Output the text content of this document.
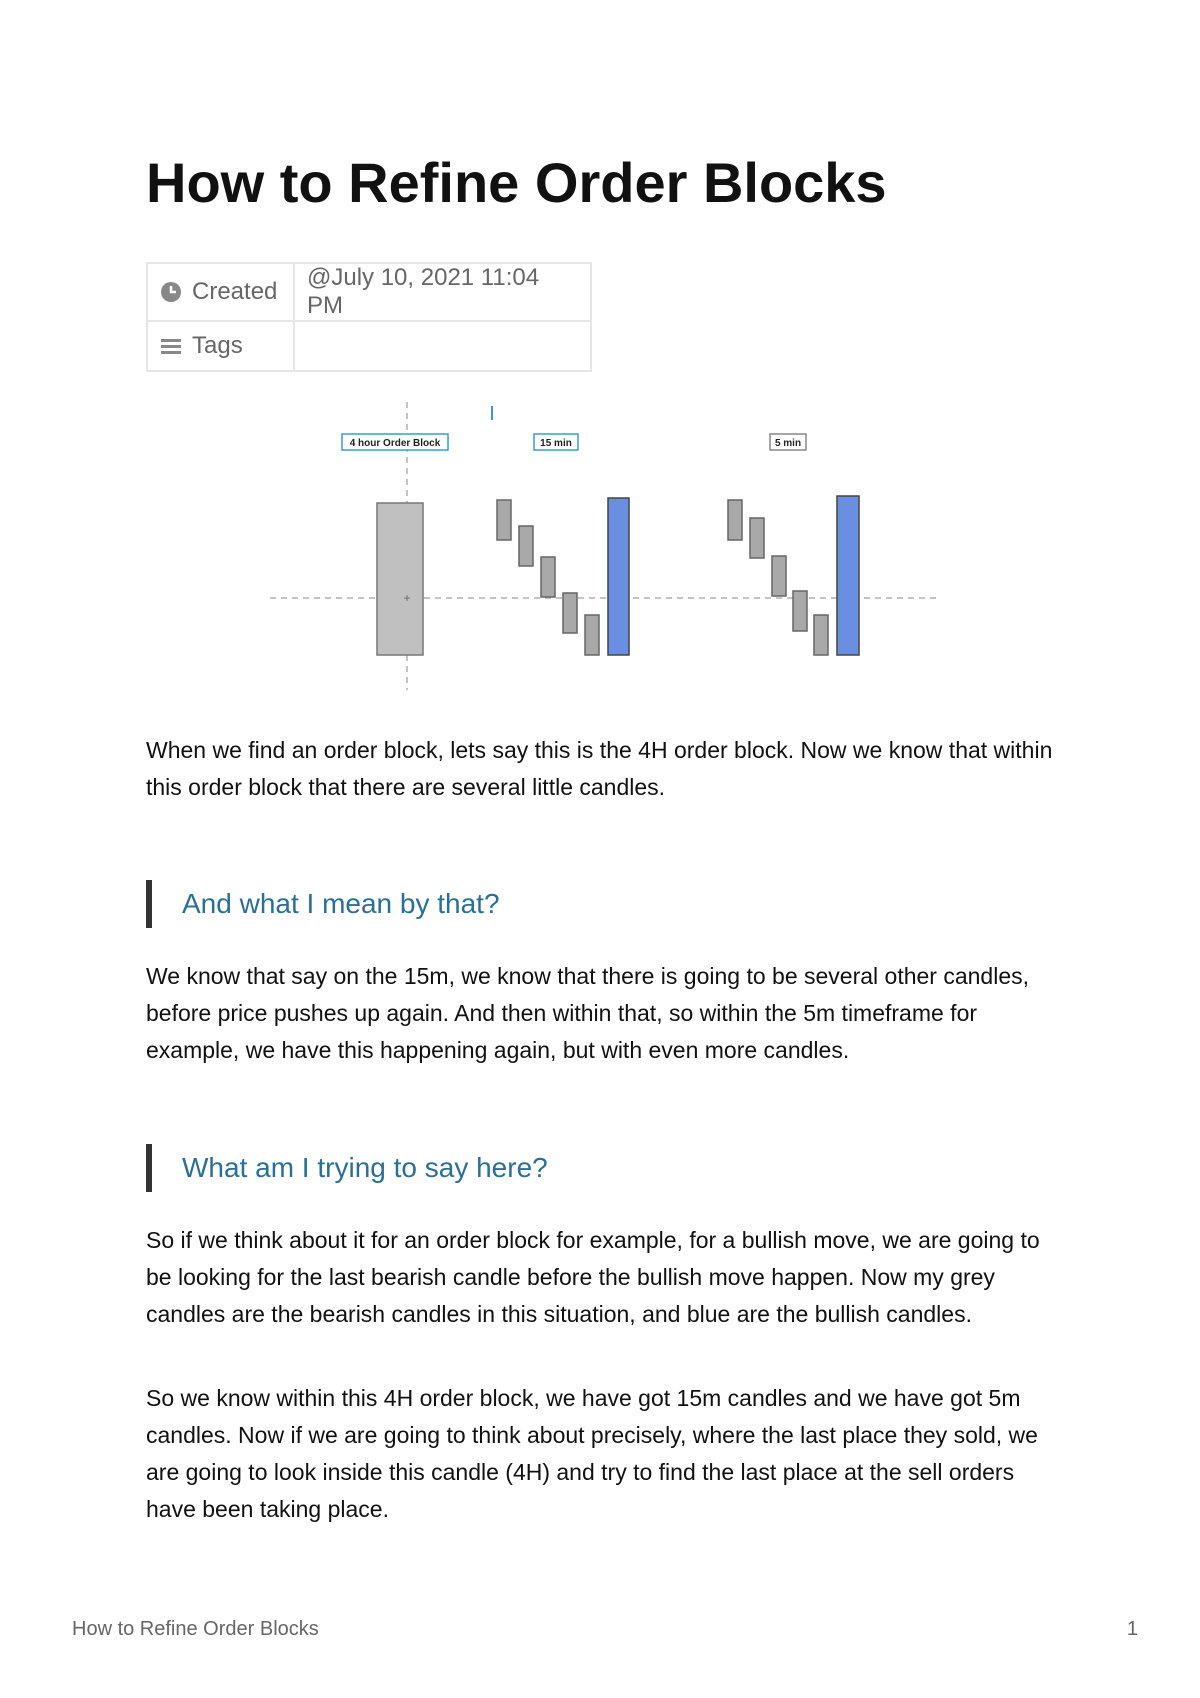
How to Refine Order Blocks
Created	@July 10, 2021 11:04 PM
Tags	
4 hour Order Block	15 min	5 min
+

When we find an order block, lets say this is the 4H order block. Now we know that within this order block that there are several little candles.

And what I mean by that?

We know that say on the 15m, we know that there is going to be several other candles, before price pushes up again. And then within that, so within the 5m timeframe for example, we have this happening again, but with even more candles.

What am I trying to say here?

So if we think about it for an order block for example, for a bullish move, we are going to be looking for the last bearish candle before the bullish move happen. Now my grey candles are the bearish candles in this situation, and blue are the bullish candles.

So we know within this 4H order block, we have got 15m candles and we have got 5m candles. Now if we are going to think about precisely, where the last place they sold, we are going to look inside this candle (4H) and try to find the last place at the sell orders have been taking place.

How to Refine Order Blocks	1
